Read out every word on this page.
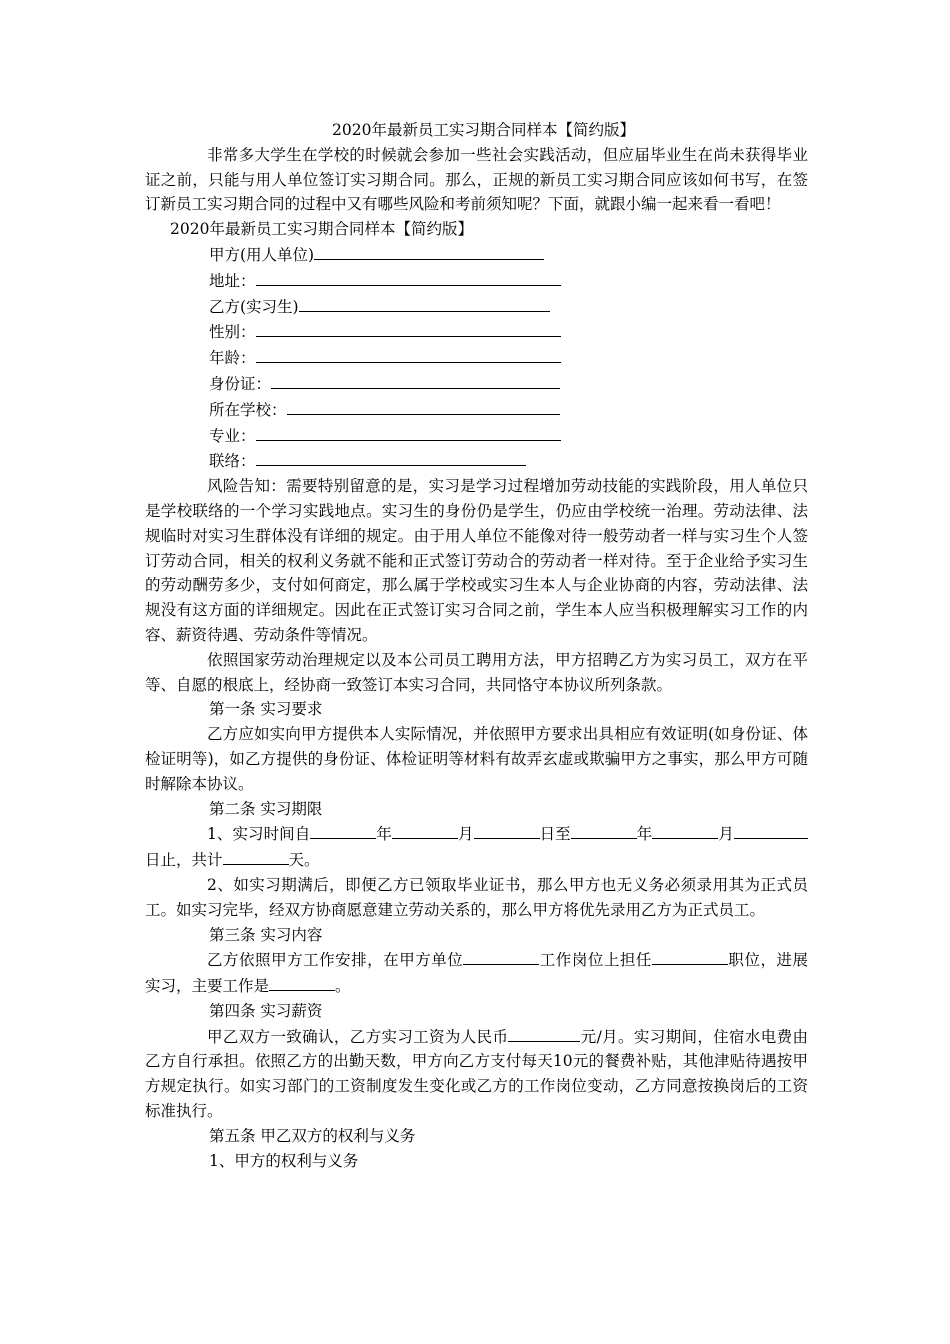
2020年最新员工实习期合同样本【简约版】

非常多大学生在学校的时候就会参加一些社会实践活动，但应届毕业生在尚未获得毕业证之前，只能与用人单位签订实习期合同。那么，正规的新员工实习期合同应该如何书写，在签订新员工实习期合同的过程中又有哪些风险和考前须知呢？下面，就跟小编一起来看一看吧！

2020年最新员工实习期合同样本【简约版】

甲方(用人单位)

地址：

乙方(实习生)

性别：

年龄：

身份证：

所在学校：

专业：

联络：

风险告知：需要特别留意的是，实习是学习过程增加劳动技能的实践阶段，用人单位只是学校联络的一个学习实践地点。实习生的身份仍是学生，仍应由学校统一治理。劳动法律、法规临时对实习生群体没有详细的规定。由于用人单位不能像对待一般劳动者一样与实习生个人签订劳动合同，相关的权利义务就不能和正式签订劳动合的劳动者一样对待。至于企业给予实习生的劳动酬劳多少，支付如何商定，那么属于学校或实习生本人与企业协商的内容，劳动法律、法规没有这方面的详细规定。因此在正式签订实习合同之前，学生本人应当积极理解实习工作的内容、薪资待遇、劳动条件等情况。

依照国家劳动治理规定以及本公司员工聘用方法，甲方招聘乙方为实习员工，双方在平等、自愿的根底上，经协商一致签订本实习合同，共同恪守本协议所列条款。

第一条 实习要求

乙方应如实向甲方提供本人实际情况，并依照甲方要求出具相应有效证明(如身份证、体检证明等)，如乙方提供的身份证、体检证明等材料有故弄玄虚或欺骗甲方之事实，那么甲方可随时解除本协议。

第二条 实习期限

1、实习时间自	年	月	日至	年	月日止，共计	天。

2、如实习期满后，即便乙方已领取毕业证书，那么甲方也无义务必须录用其为正式员工。如实习完毕，经双方协商愿意建立劳动关系的，那么甲方将优先录用乙方为正式员工。

第三条 实习内容

乙方依照甲方工作安排，在甲方单位	工作岗位上担任	职位，进展实习，主要工作是	。

第四条 实习薪资

甲乙双方一致确认，乙方实习工资为人民币	元/月。实习期间，住宿水电费由乙方自行承担。依照乙方的出勤天数，甲方向乙方支付每天10元的餐费补贴，其他津贴待遇按甲方规定执行。如实习部门的工资制度发生变化或乙方的工作岗位变动，乙方同意按换岗后的工资标准执行。

第五条 甲乙双方的权利与义务

1、甲方的权利与义务
